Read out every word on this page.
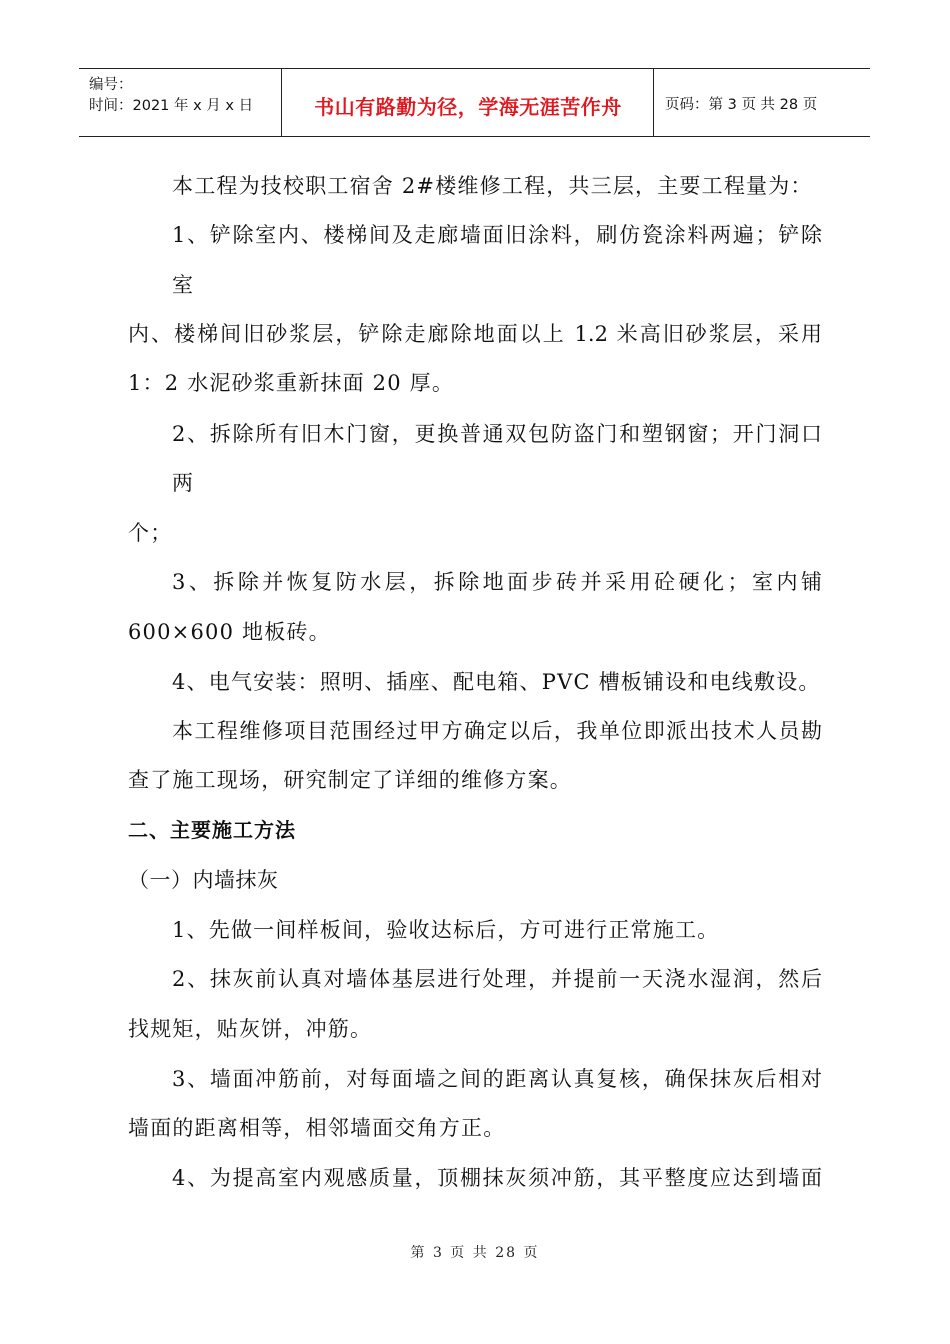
编号：
时间：2021 年 x 月 x 日	书山有路勤为径，学海无涯苦作舟	页码：第 3 页 共 28 页
本工程为技校职工宿舍 2#楼维修工程，共三层，主要工程量为：
1、铲除室内、楼梯间及走廊墙面旧涂料，刷仿瓷涂料两遍；铲除
室
内、楼梯间旧砂浆层，铲除走廊除地面以上 1.2 米高旧砂浆层，采用
1：2 水泥砂浆重新抹面 20 厚。
2、拆除所有旧木门窗，更换普通双包防盗门和塑钢窗；开门洞口
两
个；
3、拆除并恢复防水层，拆除地面步砖并采用砼硬化；室内铺
600×600 地板砖。
4、电气安装：照明、插座、配电箱、PVC 槽板铺设和电线敷设。
本工程维修项目范围经过甲方确定以后，我单位即派出技术人员勘
查了施工现场，研究制定了详细的维修方案。
二、主要施工方法
（一）内墙抹灰
1、先做一间样板间，验收达标后，方可进行正常施工。
2、抹灰前认真对墙体基层进行处理，并提前一天浇水湿润，然后
找规矩，贴灰饼，冲筋。
3、墙面冲筋前，对每面墙之间的距离认真复核，确保抹灰后相对
墙面的距离相等，相邻墙面交角方正。
4、为提高室内观感质量，顶棚抹灰须冲筋，其平整度应达到墙面
第 3 页 共 28 页
